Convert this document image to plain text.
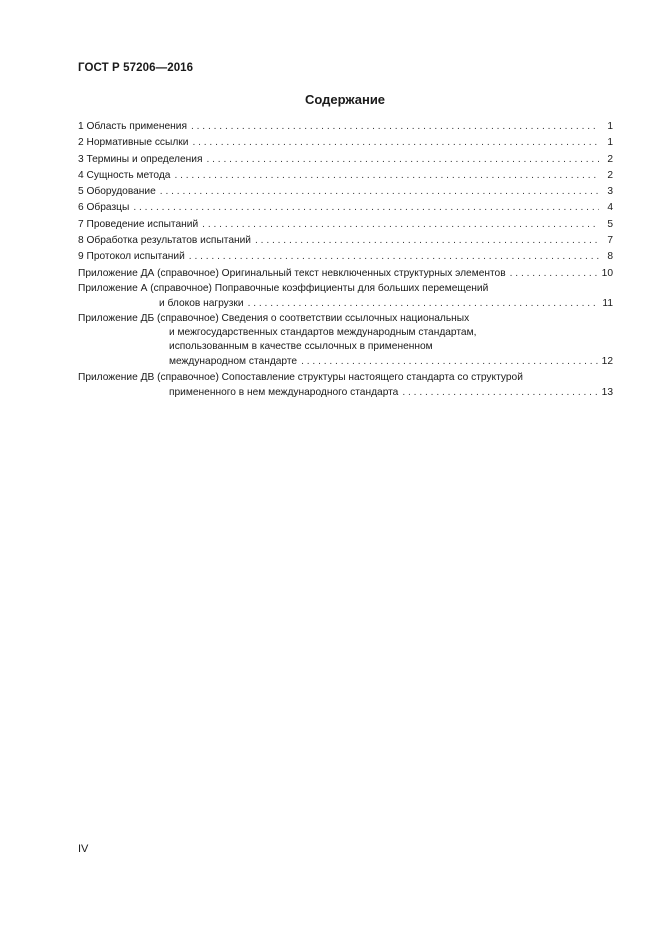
ГОСТ Р 57206—2016
Содержание
1 Область применения . . .	1
2 Нормативные ссылки . . .	1
3 Термины и определения . . .	2
4 Сущность метода . . .	2
5 Оборудование . . .	3
6 Образцы . . .	4
7 Проведение испытаний . . .	5
8 Обработка результатов испытаний . . .	7
9 Протокол испытаний . . .	8
Приложение ДА (справочное) Оригинальный текст невключенных структурных элементов . . .	10
Приложение А (справочное) Поправочные коэффициенты для больших перемещений
и блоков нагрузки . . .	11
Приложение ДБ (справочное) Сведения о соответствии ссылочных национальных
и межгосударственных стандартов международным стандартам,
использованным в качестве ссылочных в примененном
международном стандарте . . .	12
Приложение ДВ (справочное) Сопоставление структуры настоящего стандарта со структурой
примененного в нем международного стандарта . . .	13
IV
